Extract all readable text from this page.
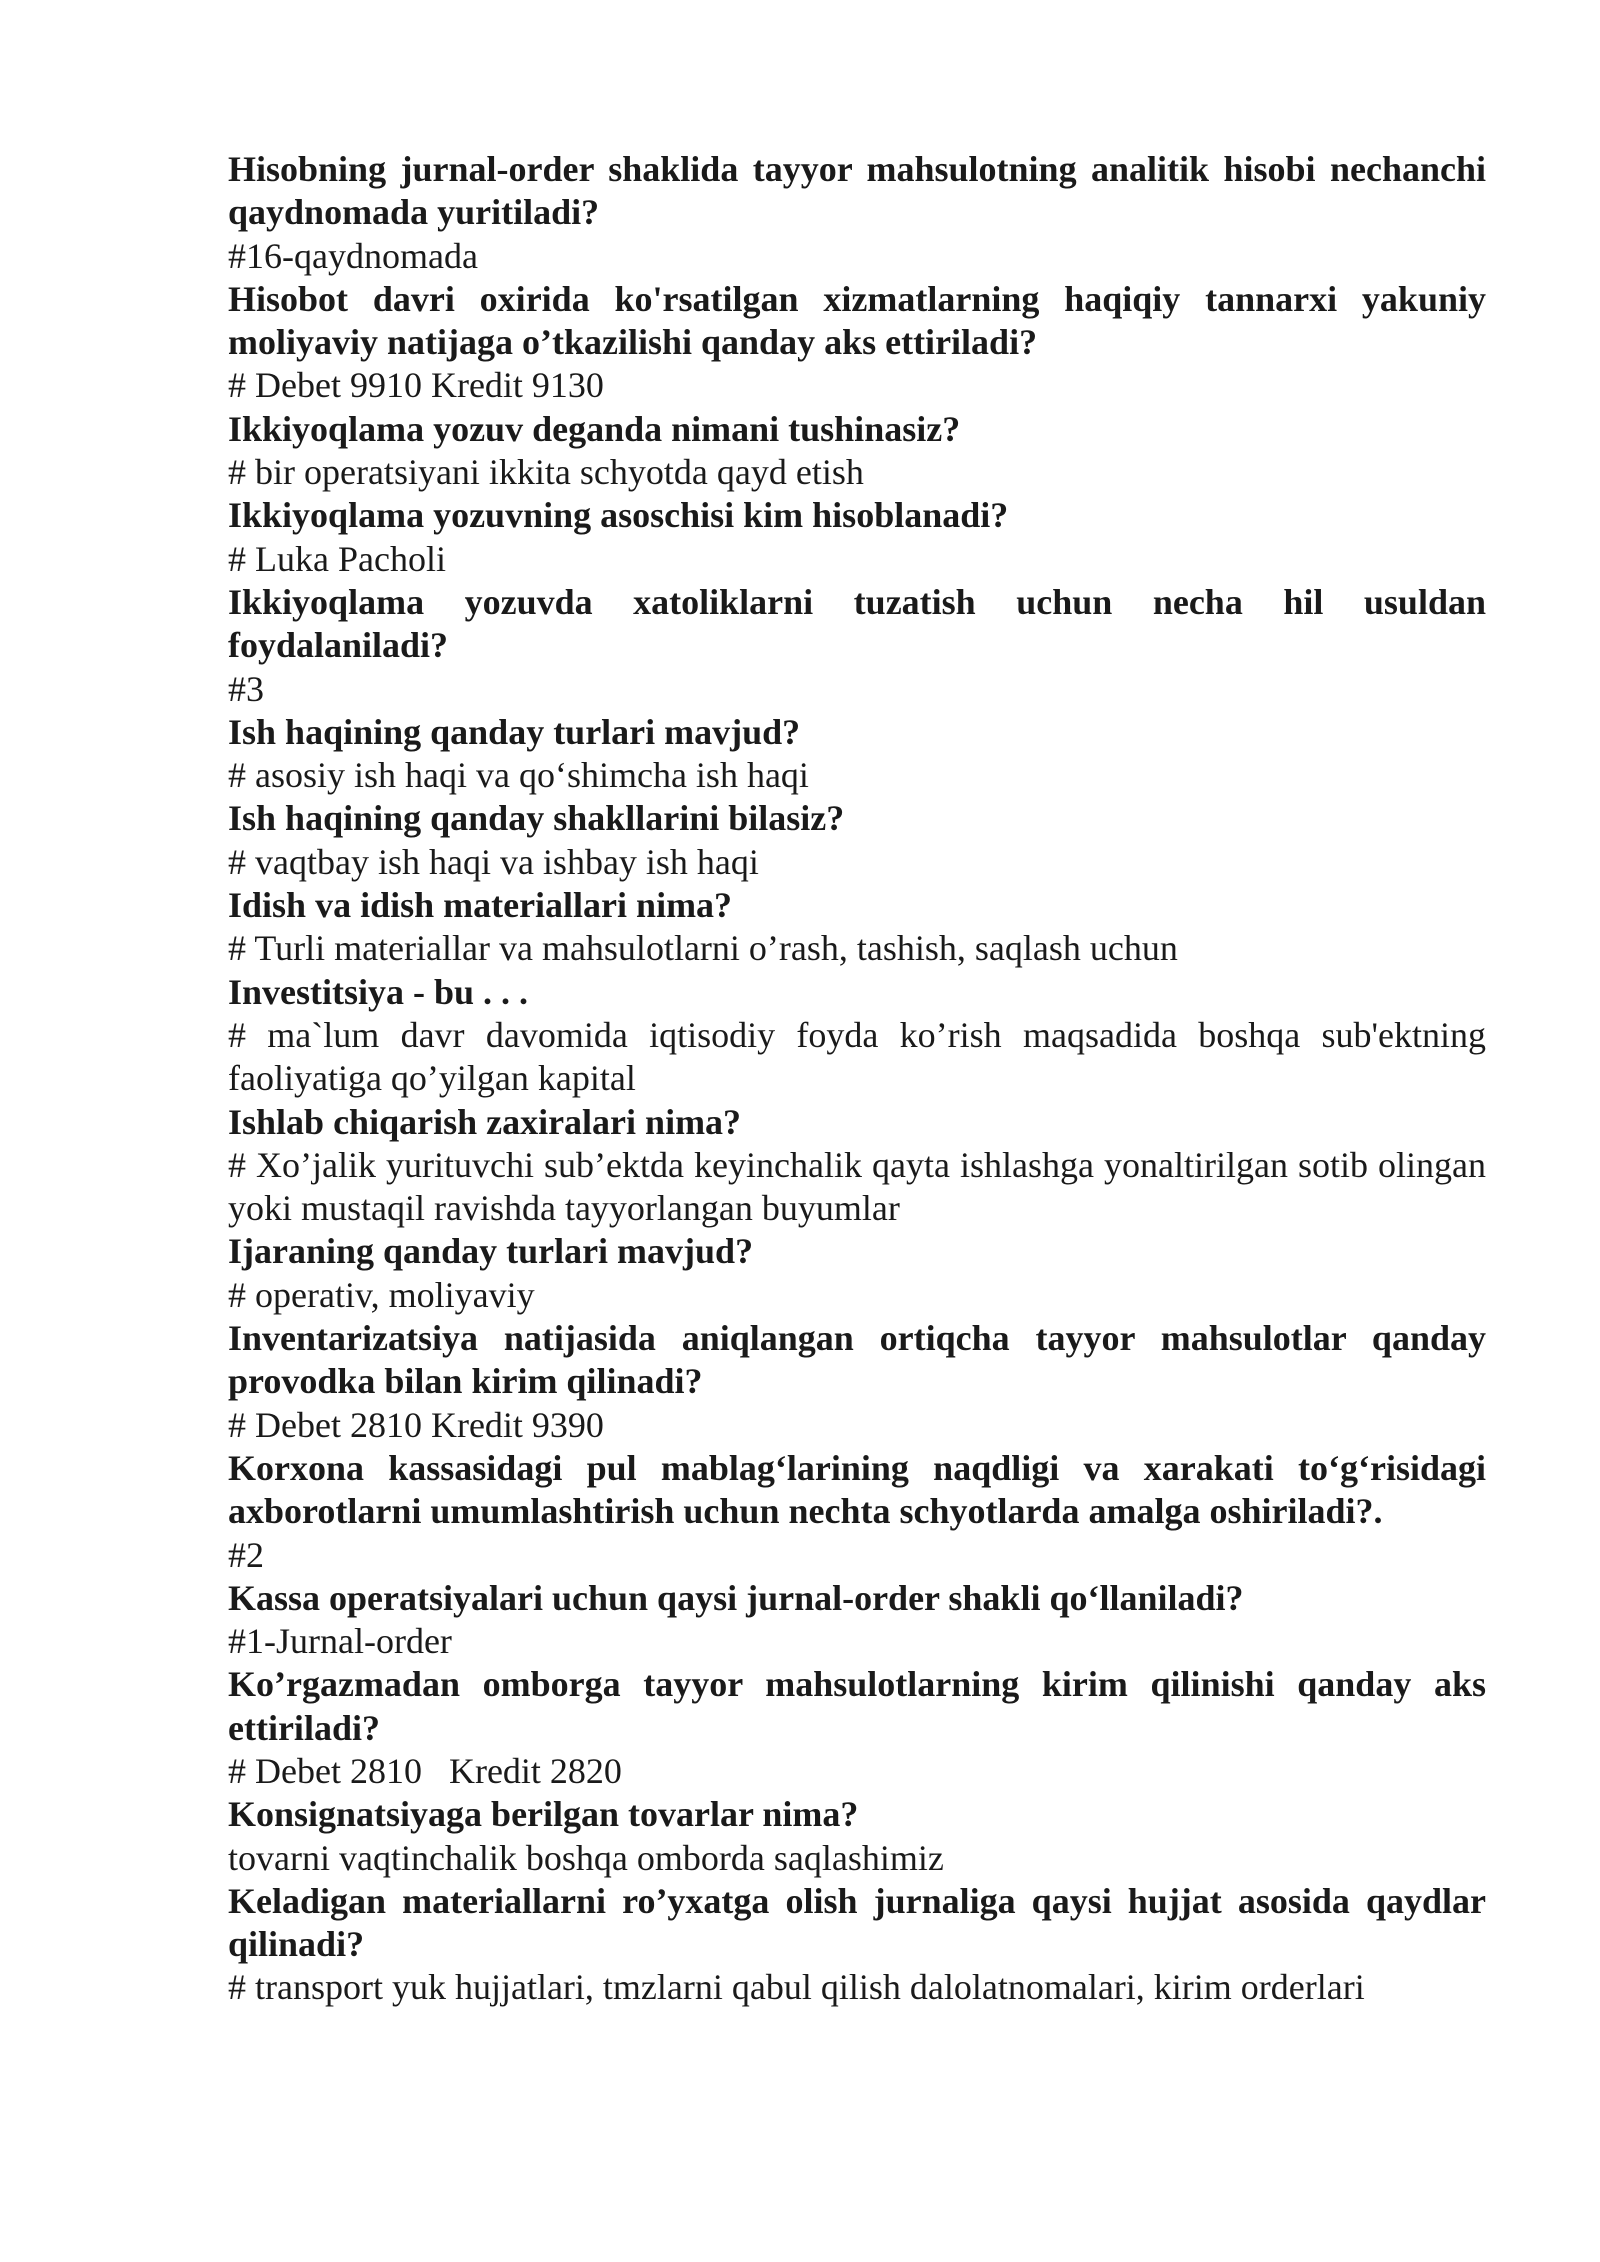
Hisobning jurnal-order shaklida tayyor mahsulotning analitik hisobi nechanchi qaydnomada yuritiladi?

#16-qaydnomada

Hisobot davri oxirida ko'rsatilgan xizmatlarning haqiqiy tannarxi yakuniy moliyaviy natijaga o’tkazilishi qanday aks ettiriladi?

# Debet 9910 Kredit 9130

Ikkiyoqlama yozuv deganda nimani tushinasiz?

# bir operatsiyani ikkita schyotda qayd etish

Ikkiyoqlama yozuvning asoschisi kim hisoblanadi?

# Luka Pacholi

Ikkiyoqlama yozuvda xatoliklarni tuzatish uchun necha hil usuldan foydalaniladi?

#3

Ish haqining qanday turlari mavjud?

# asosiy ish haqi va qo‘shimcha ish haqi

Ish haqining qanday shakllarini bilasiz?

# vaqtbay ish haqi va ishbay ish haqi

Idish va idish materiallari nima?

# Turli materiallar va mahsulotlarni o’rash, tashish, saqlash uchun

Investitsiya - bu . . .

# ma`lum davr davomida iqtisodiy foyda ko’rish maqsadida boshqa sub'ektning faoliyatiga qo’yilgan kapital

Ishlab chiqarish zaxiralari nima?

# Xo’jalik yurituvchi sub’ektda keyinchalik qayta ishlashga yonaltirilgan sotib olingan yoki mustaqil ravishda tayyorlangan buyumlar

Ijaraning qanday turlari mavjud?

# operativ, moliyaviy

Inventarizatsiya natijasida aniqlangan ortiqcha tayyor mahsulotlar qanday provodka bilan kirim qilinadi?

# Debet 2810 Kredit 9390

Korxona kassasidagi pul mablag‘larining naqdligi va xarakati to‘g‘risidagi axborotlarni umumlashtirish uchun nechta schyotlarda amalga oshiriladi?.

#2

Kassa operatsiyalari uchun qaysi jurnal-order shakli qo‘llaniladi?

#1-Jurnal-order

Ko’rgazmadan omborga tayyor mahsulotlarning kirim qilinishi qanday aks ettiriladi?

# Debet 2810   Kredit 2820

Konsignatsiyaga berilgan tovarlar nima?

tovarni vaqtinchalik boshqa omborda saqlashimiz

Keladigan materiallarni ro’yxatga olish jurnaliga qaysi hujjat asosida qaydlar qilinadi?

# transport yuk hujjatlari, tmzlarni qabul qilish dalolatnomalari, kirim orderlari
